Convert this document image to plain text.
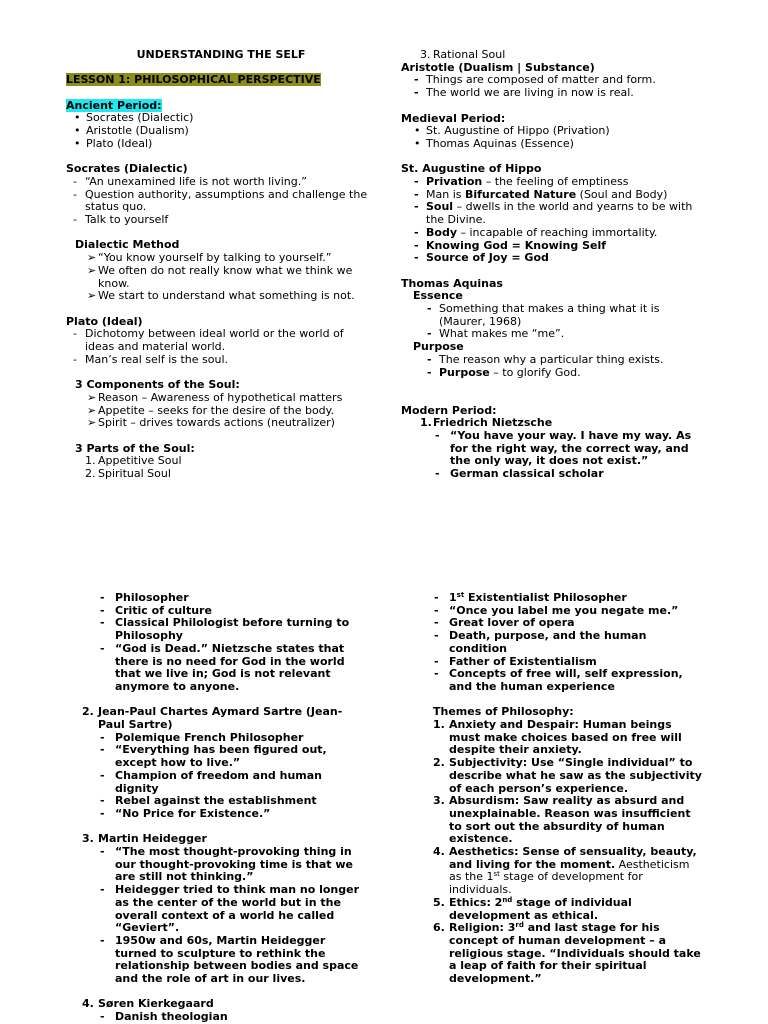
UNDERSTANDING THE SELF

LESSON 1: PHILOSOPHICAL PERSPECTIVE

Ancient Period:

• Socrates (Dialectic)

• Aristotle (Dualism)

• Plato (Ideal)

Socrates (Dialectic)

- “An unexamined life is not worth living.”

- Question authority, assumptions and challenge the status quo.

- Talk to yourself

Dialectic Method

➢ “You know yourself by talking to yourself.”

➢ We often do not really know what we think we know.

➢ We start to understand what something is not.

Plato (Ideal)

- Dichotomy between ideal world or the world of ideas and material world.

- Man’s real self is the soul.

3 Components of the Soul:

➢ Reason – Awareness of hypothetical matters

➢ Appetite – seeks for the desire of the body.

➢ Spirit – drives towards actions (neutralizer)

3 Parts of the Soul:

1. Appetitive Soul

2. Spiritual Soul

3. Rational Soul

Aristotle (Dualism | Substance)

- Things are composed of matter and form.

- The world we are living in now is real.

Medieval Period:

• St. Augustine of Hippo (Privation)

• Thomas Aquinas (Essence)

St. Augustine of Hippo

- Privation – the feeling of emptiness

- Man is Bifurcated Nature (Soul and Body)

- Soul – dwells in the world and yearns to be with the Divine.

- Body – incapable of reaching immortality.

- Knowing God = Knowing Self

- Source of Joy = God

Thomas Aquinas

Essence

- Something that makes a thing what it is (Maurer, 1968)

- What makes me “me”.

Purpose

- The reason why a particular thing exists.

- Purpose – to glorify God.

Modern Period:

1. Friedrich Nietzsche

- “You have your way. I have my way. As for the right way, the correct way, and the only way, it does not exist.”

- German classical scholar

- Philosopher

- Critic of culture

- Classical Philologist before turning to Philosophy

- “God is Dead.” Nietzsche states that there is no need for God in the world that we live in; God is not relevant anymore to anyone.

2. Jean-Paul Chartes Aymard Sartre (Jean-Paul Sartre)

- Polemique French Philosopher

- “Everything has been figured out, except how to live.”

- Champion of freedom and human dignity

- Rebel against the establishment

- “No Price for Existence.”

3. Martin Heidegger

- “The most thought-provoking thing in our thought-provoking time is that we are still not thinking.”

- Heidegger tried to think man no longer as the center of the world but in the overall context of a world he called “Geviert”.

- 1950w and 60s, Martin Heidegger turned to sculpture to rethink the relationship between bodies and space and the role of art in our lives.

4. Søren Kierkegaard

- Danish theologian

- 1st Existentialist Philosopher

- “Once you label me you negate me.”

- Great lover of opera

- Death, purpose, and the human condition

- Father of Existentialism

- Concepts of free will, self expression, and the human experience

Themes of Philosophy:

1. Anxiety and Despair: Human beings must make choices based on free will despite their anxiety.

2. Subjectivity: Use “Single individual” to describe what he saw as the subjectivity of each person’s experience.

3. Absurdism: Saw reality as absurd and unexplainable. Reason was insufficient to sort out the absurdity of human existence.

4. Aesthetics: Sense of sensuality, beauty, and living for the moment. Aestheticism as the 1st stage of development for individuals.

5. Ethics: 2nd stage of individual development as ethical.

6. Religion: 3rd and last stage for his concept of human development – a religious stage. “Individuals should take a leap of faith for their spiritual development.”
